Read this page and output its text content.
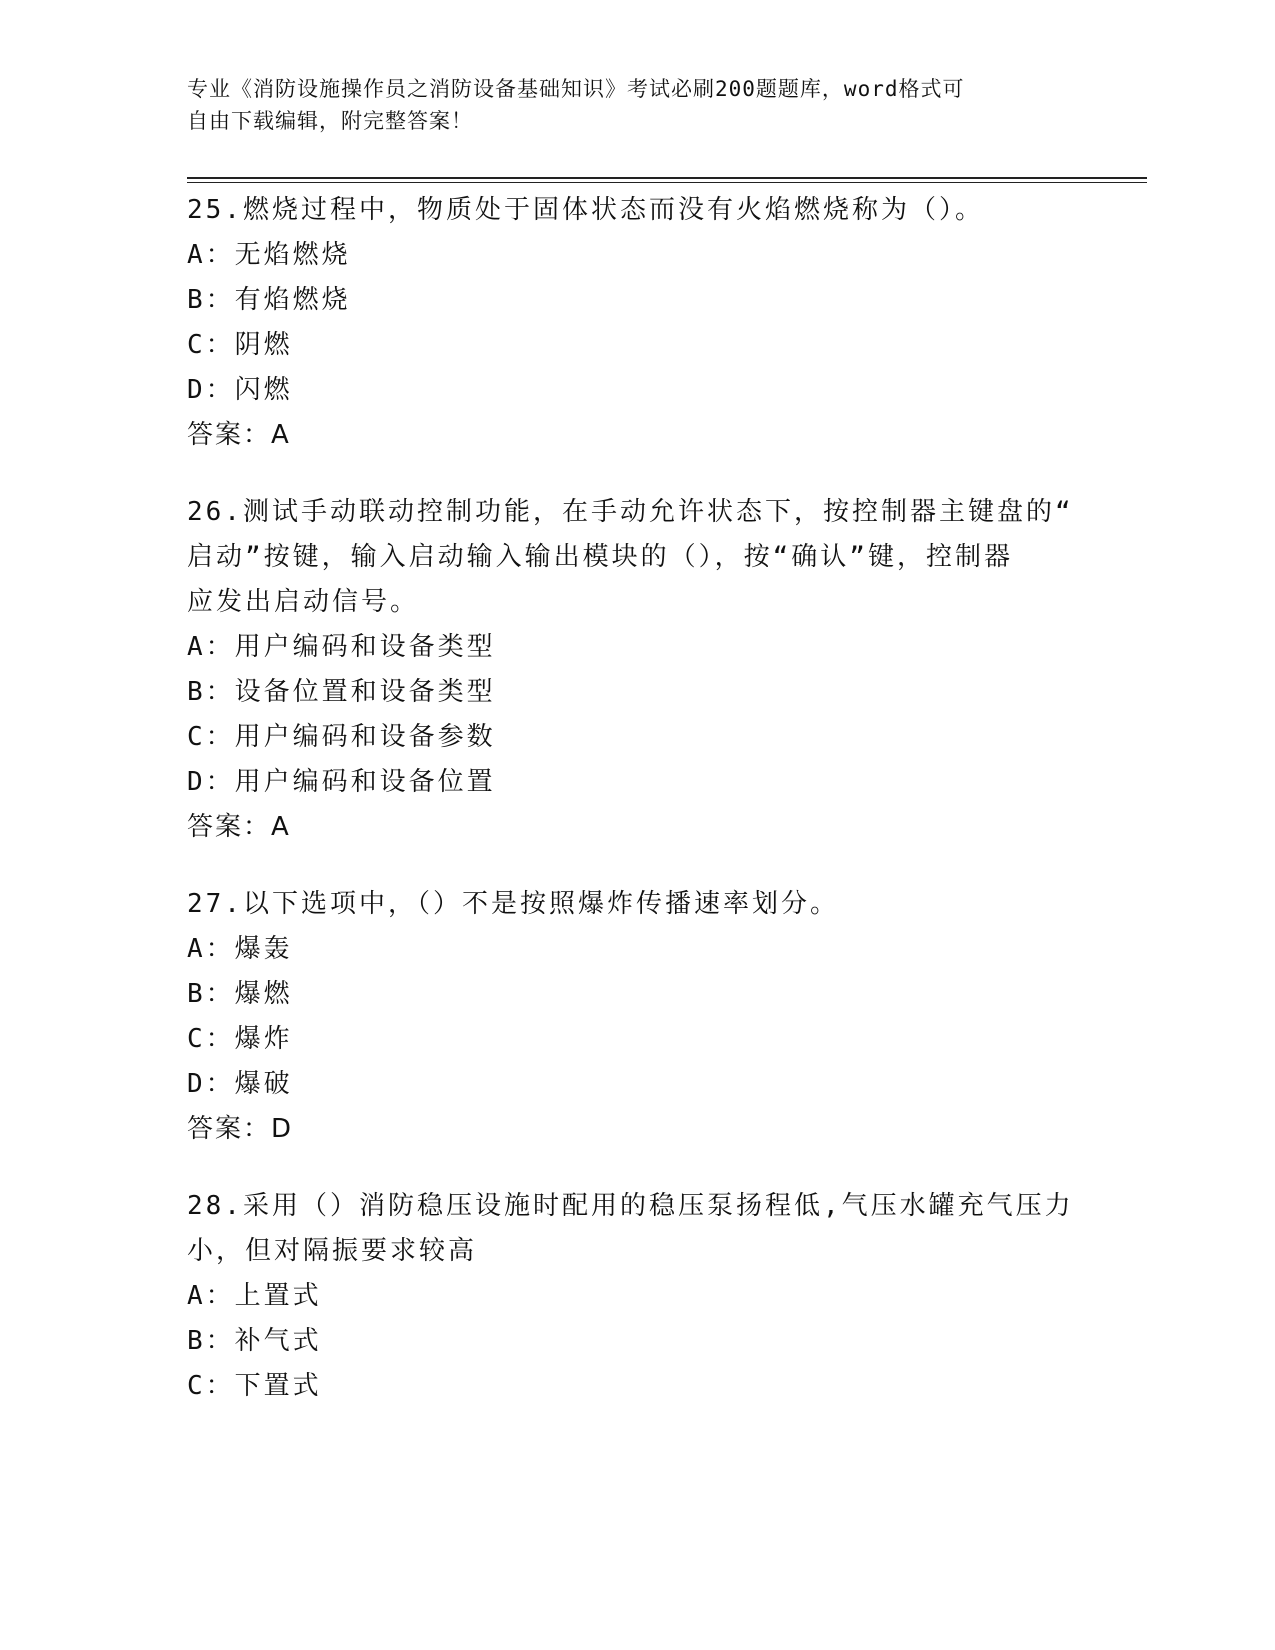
专业《消防设施操作员之消防设备基础知识》考试必刷200题题库，word格式可
自由下载编辑，附完整答案！
25.燃烧过程中，物质处于固体状态而没有火焰燃烧称为（）。
A：无焰燃烧
B：有焰燃烧
C：阴燃
D：闪燃
答案：A
26.测试手动联动控制功能，在手动允许状态下，按控制器主键盘的“
启动”按键，输入启动输入输出模块的（），按“确认”键，控制器
应发出启动信号。
A：用户编码和设备类型
B：设备位置和设备类型
C：用户编码和设备参数
D：用户编码和设备位置
答案：A
27.以下选项中，（）不是按照爆炸传播速率划分。
A：爆轰
B：爆燃
C：爆炸
D：爆破
答案：D
28.采用（）消防稳压设施时配用的稳压泵扬程低,气压水罐充气压力
小，但对隔振要求较高
A：上置式
B：补气式
C：下置式
